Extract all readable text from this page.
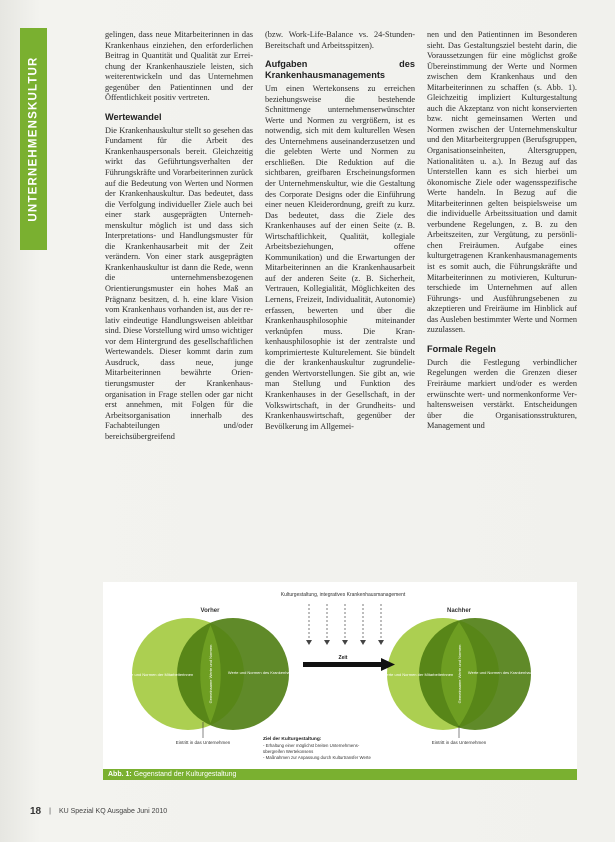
UNTERNEHMENSKULTUR

gelingen, dass neue Mitarbeiterinnen in das Krankenhaus einziehen, den erforderlichen Beitrag in Quantität und Qualität zur Erreichung der Krankenhausziele leisten, sich weiterentwickeln und das Unternehmen gegenüber den Patientinnen und der Öffentlichkeit positiv vertreten.

Wertewandel

Die Krankenhauskultur stellt so gesehen das Fundament für die Arbeit des Krankenhauspersonals bereit. Gleichzeitig wirkt das Geführtungsverhalten der Führungskräfte und Vorarbeiterinnen zurück auf die Bedeutung von Werten und Normen der Krankenhauskultur. Das bedeutet, dass die Verfolgung individueller Ziele auch bei einer stark ausgeprägten Unternehmenskultur möglich ist und dass sich Interpretations- und Handlungsmuster für die Krankenhausarbeit mit der Zeit verändern. Von einer stark ausgeprägten Krankenhauskultur ist dann die Rede, wenn die unternehmensbezogenen Orientierungsmuster ein hohes Maß an Prägnanz besitzen, d. h. eine klare Vision vom Krankenhaus vorhanden ist, aus der relativ eindeutige Handlungsweisen ableitbar sind. Diese Vorstellung wird umso wichtiger vor dem Hintergrund des gesellschaftlichen Wertewandels. Dieser kommt darin zum Ausdruck, dass neue, junge Mitarbeiterinnen bewährte Orientierungsmuster der Krankenhausorganisation in Frage stellen oder gar nicht erst annehmen, mit Folgen für die Arbeitsorganisation innerhalb des Fachabteilungen und/oder bereichsübergreifend

(bzw. Work-Life-Balance vs. 24-Stunden-Bereitschaft und Arbeitsspitzen).

Aufgaben des Krankenhausmanagements

Um einen Wertekonsens zu erreichen beziehungsweise die bestehende Schnittmenge unternehmenserwünschter Werte und Normen zu vergrößern, ist es notwendig, sich mit dem kulturellen Wesen des Unternehmens auseinanderzusetzen und die gelebten Werte und Normen zu erschließen. Die Reduktion auf die sichtbaren, greifbaren Erscheinungsformen der Unternehmenskultur, wie die Gestaltung des Corporate Designs oder die Einführung einer neuen Kleiderordnung, greift zu kurz. Das bedeutet, dass die Ziele des Krankenhauses auf der einen Seite (z. B. Wirtschaftlichkeit, Qualität, kollegiale Arbeitsbeziehungen, offene Kommunikation) und die Erwartungen der Mitarbeiterinnen an die Krankenhausarbeit auf der anderen Seite (z. B. Sicherheit, Vertrauen, Kollegialität, Möglichkeiten des Lernens, Freizeit, Individualität, Autonomie) erfassen, bewerten und über die Krankenhausphilosophie miteinander verknüpfen muss. Die Krankenhausphilosophie ist der zentralste und komprimierteste Kulturelement. Sie bündelt die der krankenhauskultur zugrundeliegenden Wertvorstellungen. Sie gibt an, wie man Stellung und Funktion des Krankenhauses in der Gesellschaft, in der Volkswirtschaft, in der Grundheits- und Krankenhauswirtschaft, gegenüber der Bevölkerung im Allgemei-

nen und den Patientinnen im Besonderen sieht. Das Gestaltungsziel besteht darin, die Voraussetzungen für eine möglichst große Übereinstimmung der Werte und Normen zwischen dem Krankenhaus und den Mitarbeiterinnen zu schaffen (s. Abb. 1). Gleichzeitig impliziert Kulturgestaltung auch die Akzeptanz von nicht konservierten bzw. nicht gemeinsamen Werten und Normen zwischen der Unternehmenskultur und den Mitarbeitergruppen (Berufsgruppen, Organisationseinheiten, Altersgruppen, Nationalitäten u. a.). In Bezug auf das Unterstellen kann es sich hierbei um ökonomische Ziele oder wagensspezifische Werte handeln. In Bezug auf die Mitarbeiterinnen gelten beispielsweise um die individuelle Arbeitssituation und damit verbundene Regelungen, z. B. zu den Arbeitszeiten, zur Vergütung, zu persönlichen Freiräumen. Aufgabe eines kulturgetragenen Krankenhausmanagements ist es somit auch, die Führungskräfte und Mitarbeiterinnen zu motivieren, Kulturunterschiede im Unternehmen auf allen Führungs- und Ausführungsebenen zu akzeptieren und Freiräume im Hinblick auf das Ausleben bestimmter Werte und Normen zuzulassen.

Formale Regeln

Durch die Festlegung verbindlicher Regelungen werden die Grenzen dieser Freiräume markiert und/oder es werden erwünschte wert- und normenkonforme Verhaltensweisen verstärkt. Entscheidungen über die Organisationsstrukturen, Management und

Vorher	Nachher
Kulturgestaltung, integratives Krankenhausmanagement
Zeit
Werte und Normen der Mitarbeiterinnen	Werte und Normen des Krankenhauses
Gemeinsame Werte und Normen	Werte und Normen der Mitarbeiterinnen	Werte und Normen des Krankenhauses
Gemeinsame Werte und Normen
Eintritt in das Unternehmen	Eintritt in das Unternehmen
Ziel der Kulturgestaltung:
- Erhaltung einer möglichst breiten Unternehmens-
übergreifen Wertekonsens
- Maßnahmen zur Anpassung durch Kulturtransfer Werte
Abb. 1: Gegenstand der Kulturgestaltung
18 | KU Spezial KQ Ausgabe Juni 2010
